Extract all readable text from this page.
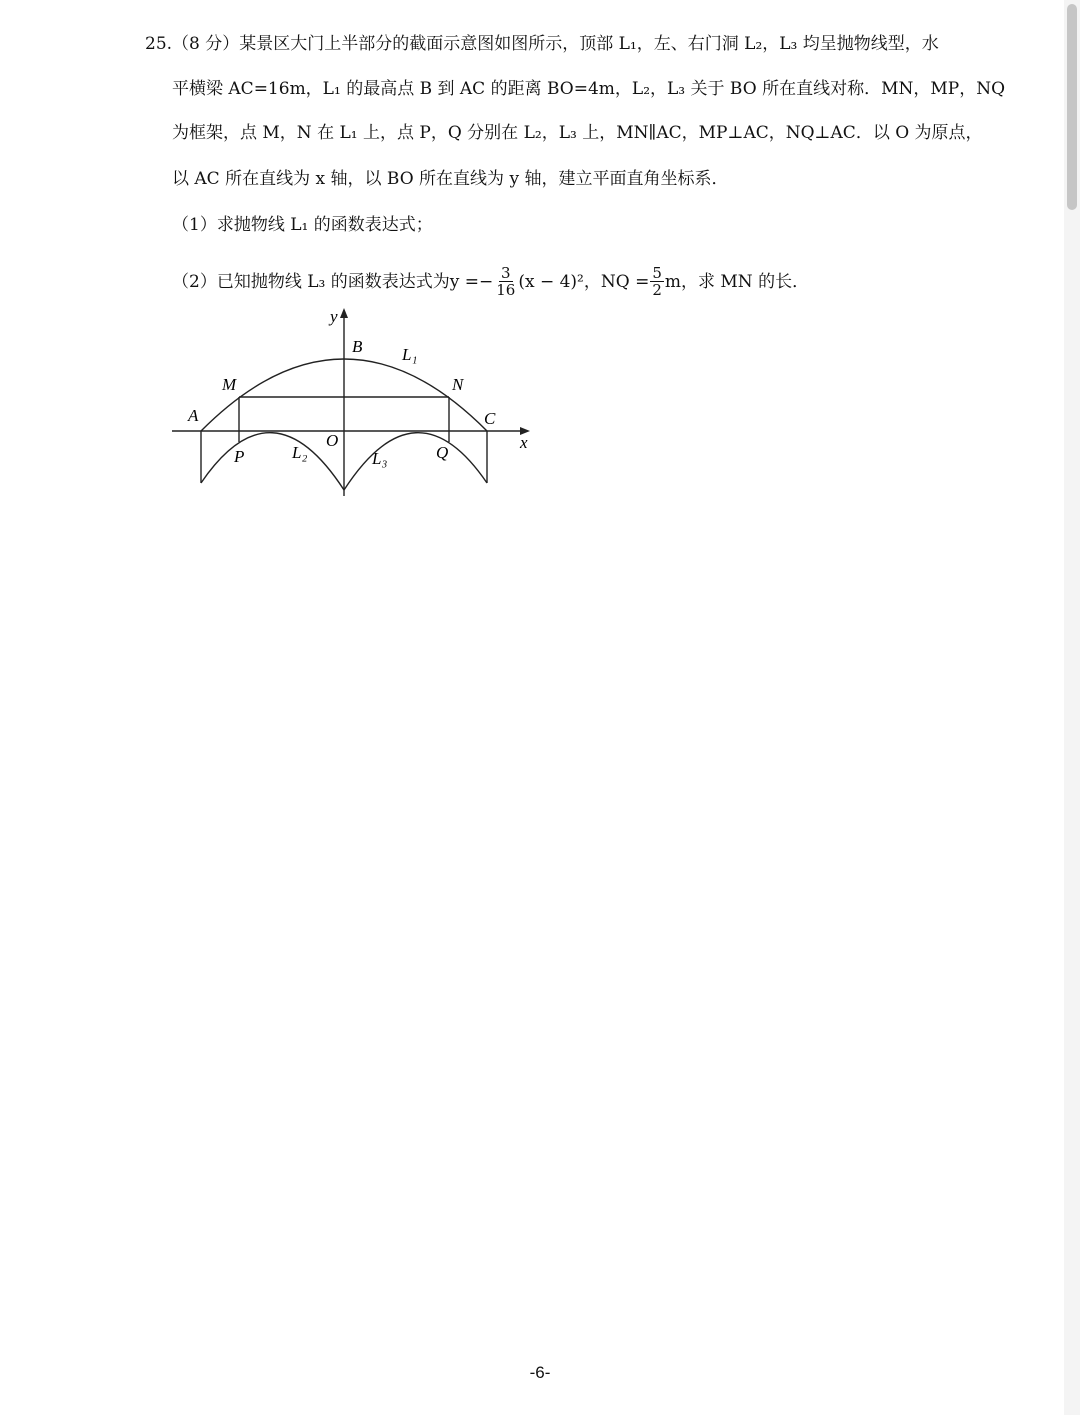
25.（8 分）某景区大门上半部分的截面示意图如图所示，顶部 L₁，左、右门洞 L₂，L₃ 均呈抛物线型，水
平横梁 AC=16m，L₁ 的最高点 B 到 AC 的距离 BO=4m，L₂，L₃ 关于 BO 所在直线对称．MN，MP，NQ
为框架，点 M，N 在 L₁ 上，点 P，Q 分别在 L₂，L₃ 上，MN∥AC，MP⊥AC，NQ⊥AC．以 O 为原点，
以 AC 所在直线为 x 轴，以 BO 所在直线为 y 轴，建立平面直角坐标系．
（1）求抛物线 L₁ 的函数表达式；
（2）已知抛物线 L₃ 的函数表达式为 $y =- \frac{3}{16} (x - 4)^2$，NQ = $\frac{5}{2}$ m，求 MN 的长．
y
x
B L₁
M	N
A	C
O
P	L₂	L₃	Q
-6-
